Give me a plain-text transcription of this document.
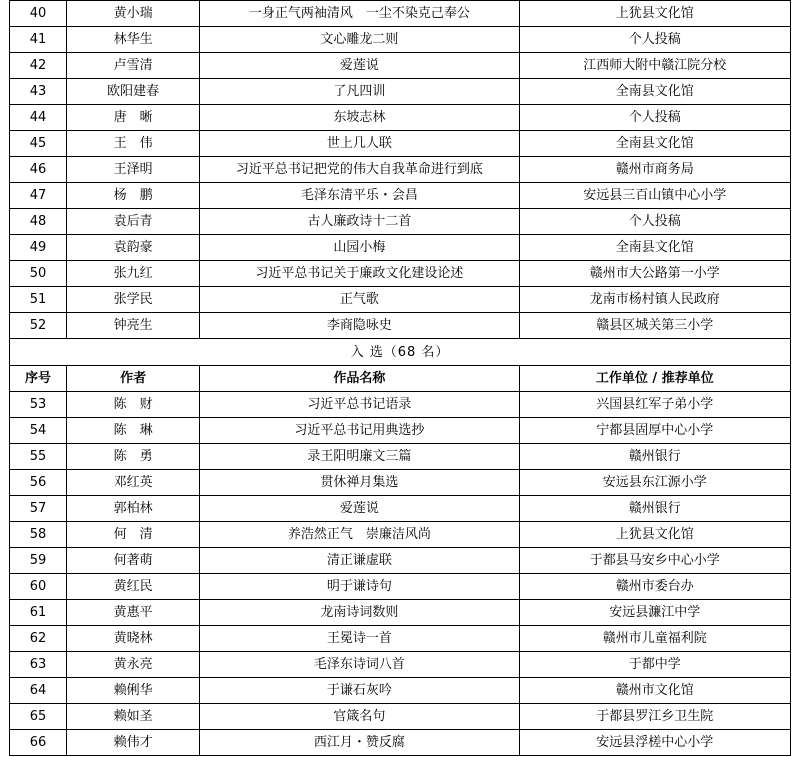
40	黄小瑞	一身正气两袖清风　一尘不染克己奉公	上犹县文化馆
41	林华生	文心雕龙二则	个人投稿
42	卢雪清	爱莲说	江西师大附中赣江院分校
43	欧阳建春	了凡四训	全南县文化馆
44	唐　晰	东坡志林	个人投稿
45	王　伟	世上几人联	全南县文化馆
46	王泽明	习近平总书记把党的伟大自我革命进行到底	赣州市商务局
47	杨　鹏	毛泽东清平乐・会昌	安远县三百山镇中心小学
48	袁后青	古人廉政诗十二首	个人投稿
49	袁韵豪	山园小梅	全南县文化馆
50	张九红	习近平总书记关于廉政文化建设论述	赣州市大公路第一小学
51	张学民	正气歌	龙南市杨村镇人民政府
52	钟亮生	李商隐咏史	赣县区城关第三小学
入 选（68 名）			
序号	作者	作品名称	工作单位 / 推荐单位
53	陈　财	习近平总书记语录	兴国县红军子弟小学
54	陈　琳	习近平总书记用典选抄	宁都县固厚中心小学
55	陈　勇	录王阳明廉文三篇	赣州银行
56	邓红英	贯休禅月集选	安远县东江源小学
57	郭柏林	爱莲说	赣州银行
58	何　清	养浩然正气　崇廉洁风尚	上犹县文化馆
59	何著萌	清正谦虚联	于都县马安乡中心小学
60	黄红民	明于谦诗句	赣州市委台办
61	黄惠平	龙南诗词数则	安远县濂江中学
62	黄晓林	王冕诗一首	赣州市儿童福利院
63	黄永亮	毛泽东诗词八首	于都中学
64	赖俐华	于谦石灰吟	赣州市文化馆
65	赖如圣	官箴名句	于都县罗江乡卫生院
66	赖伟才	西江月・赞反腐	安远县浮槎中心小学
